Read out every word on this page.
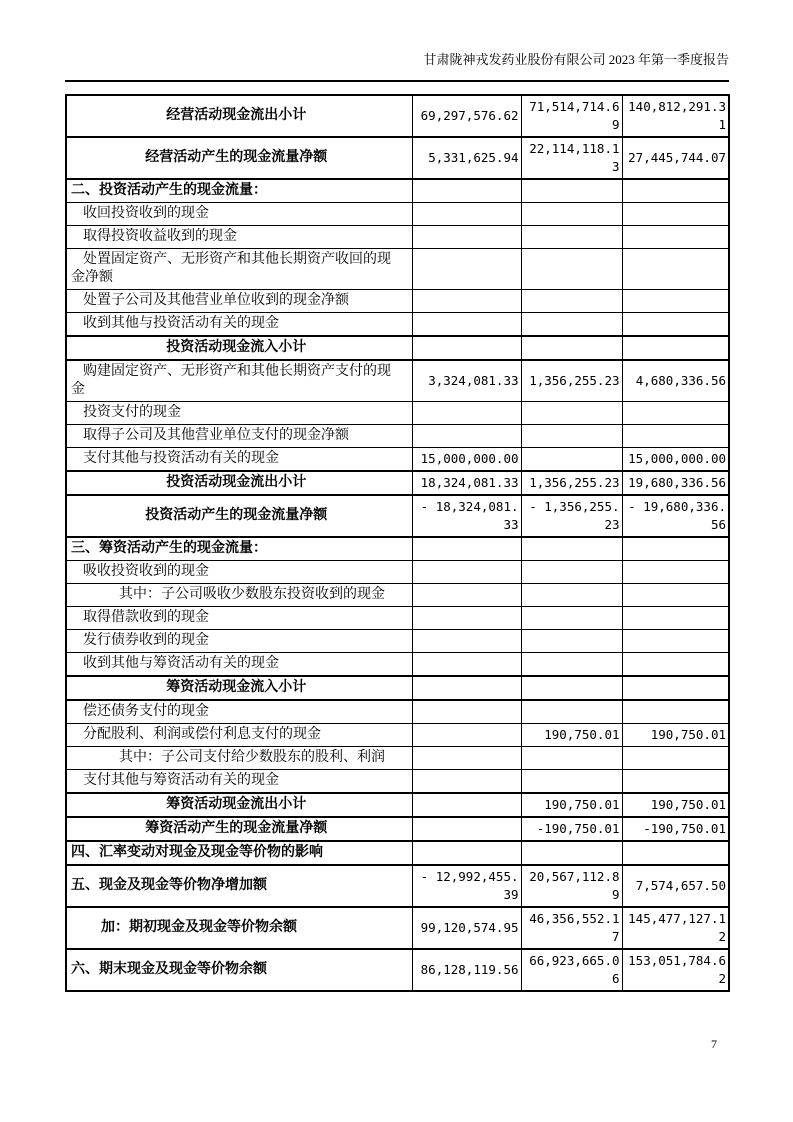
甘肃陇神戎发药业股份有限公司 2023 年第一季度报告
经营活动现金流出小计	69,297,576.62	71,514,714.69	140,812,291.31
经营活动产生的现金流量净额	5,331,625.94	22,114,118.13	27,445,744.07
二、投资活动产生的现金流量：			
收回投资收到的现金			
取得投资收益收到的现金			
处置固定资产、无形资产和其他长期资产收回的现金净额			
处置子公司及其他营业单位收到的现金净额			
收到其他与投资活动有关的现金			
投资活动现金流入小计			
购建固定资产、无形资产和其他长期资产支付的现金	3,324,081.33	1,356,255.23	4,680,336.56
投资支付的现金			
取得子公司及其他营业单位支付的现金净额			
支付其他与投资活动有关的现金	15,000,000.00		15,000,000.00
投资活动现金流出小计	18,324,081.33	1,356,255.23	19,680,336.56
投资活动产生的现金流量净额	- 18,324,081.33	- 1,356,255.23	- 19,680,336.56
三、筹资活动产生的现金流量：			
吸收投资收到的现金			
其中：子公司吸收少数股东投资收到的现金			
取得借款收到的现金			
发行债券收到的现金			
收到其他与筹资活动有关的现金			
筹资活动现金流入小计			
偿还债务支付的现金			
分配股利、利润或偿付利息支付的现金		190,750.01	190,750.01
其中：子公司支付给少数股东的股利、利润			
支付其他与筹资活动有关的现金			
筹资活动现金流出小计		190,750.01	190,750.01
筹资活动产生的现金流量净额		-190,750.01	-190,750.01
四、汇率变动对现金及现金等价物的影响			
五、现金及现金等价物净增加额	- 12,992,455.39	20,567,112.89	7,574,657.50
加：期初现金及现金等价物余额	99,120,574.95	46,356,552.17	145,477,127.12
六、期末现金及现金等价物余额	86,128,119.56	66,923,665.06	153,051,784.62
7
